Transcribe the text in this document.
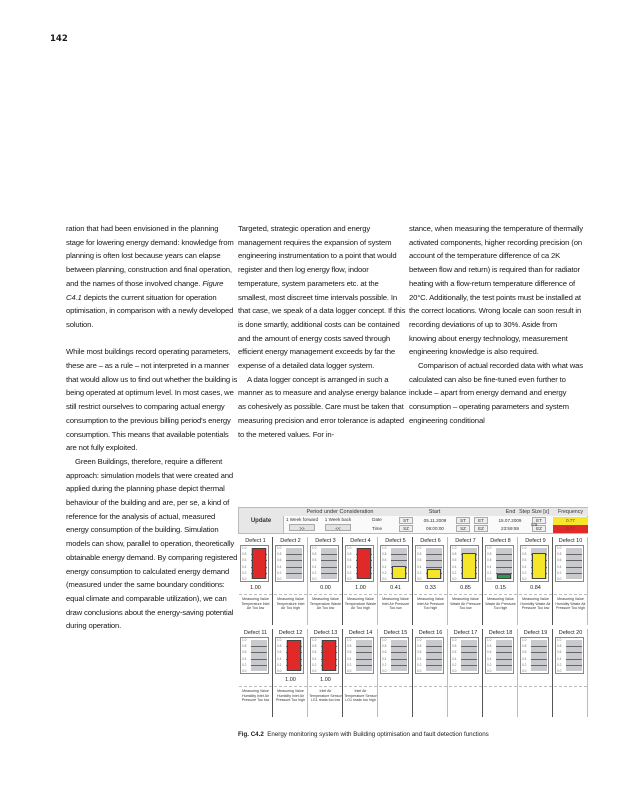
142

ration that had been envisioned in the planning stage for lowering energy demand: knowledge from planning is often lost because years can elapse between planning, construction and final operation, and the names of those involved change. Figure C4.1 depicts the current situation for operation optimisation, in comparison with a newly developed solution.

While most buildings record operating parameters, these are – as a rule – not interpreted in a manner that would allow us to find out whether the building is being operated at optimum level. In most cases, we still restrict ourselves to comparing actual energy consumption to the previous billing period's energy consumption. This means that available potentials are not fully exploited.

Green Buildings, therefore, require a different approach: simulation models that were created and applied during the planning phase depict thermal behaviour of the building and are, per se, a kind of reference for the analysis of actual, measured energy consumption of the building. Simulation models can show, parallel to operation, theoretically obtainable energy demand. By comparing registered energy consumption to calculated energy demand (measured under the same boundary conditions: equal climate and comparable utilization), we can draw conclusions about the energy-saving potential during operation.

Targeted, strategic operation and energy management requires the expansion of system engineering instrumentation to a point that would register and then log energy flow, indoor temperature, system parameters etc. at the smallest, most discreet time intervals possible. In that case, we speak of a data logger concept. If this is done smartly, additional costs can be contained and the amount of energy costs saved through efficient energy management exceeds by far the expense of a detailed data logger system.

A data logger concept is arranged in such a manner as to measure and analyse energy balance as cohesively as possible. Care must be taken that measuring precision and error tolerance is adapted to the metered values. For in-

stance, when measuring the temperature of thermally activated components, higher recording precision (on account of the temperature difference of ca 2K between flow and return) is required than for radiator heating with a flow-return temperature difference of 20°C. Additionally, the test points must be installed at the correct locations. Wrong locale can soon result in recording deviations of up to 30%. Aside from knowing about energy technology, measurement engineering knowledge is also required.

Comparison of actual recorded data with what was calculated can also be fine-tuned even further to include – apart from energy demand and energy consumption – operating parameters and system engineering conditional

Update
Period under Consideration
1 Week forward	1 Week back
>>	<<
Date
Time
Start
ST	05.11.2009	ST
SZ	06:00:00	SZ
End
ET	15.07.2009	ET
EZ	23:59:59	EZ
Step Size [s]
n/a
Frequency
0.77
0.77
Defect 1
1.0
0.8
0.6
0.4
0.2
0.0
1.00
Measuring Value Temperature Inlet Air Too low
Defect 2
1.0
0.8
0.6
0.4
0.2
0.0
Measuring Value Temperature Inlet Air Too high
Defect 3
1.0
0.8
0.6
0.4
0.2
0.0
0.00
Measuring Value Temperature Waste Air Too low
Defect 4
1.0
0.8
0.6
0.4
0.2
0.0
1.00
Measuring Value Temperature Waste Air Too high
Defect 5
1.0
0.8
0.6
0.4
0.2
0.0
0.41
Measuring Value Inlet Air Pressure Too low
Defect 6
1.0
0.8
0.6
0.4
0.2
0.0
0.33
Measuring Value Inlet Air Pressure Too high
Defect 7
1.0
0.8
0.6
0.4
0.2
0.0
0.85
Measuring Value Waste Air Pressure Too low
Defect 8
1.0
0.8
0.6
0.4
0.2
0.0
0.15
Measuring Value Waste Air Pressure Too high
Defect 9
1.0
0.8
0.6
0.4
0.2
0.0
0.84
Measuring Value Humidity Waste Air Pressure Too low
Defect 10
1.0
0.8
0.6
0.4
0.2
0.0
Measuring Value Humidity Waste Air Pressure Too high
Defect 11
1.0
0.8
0.6
0.4
0.2
0.0
Measuring Value Humidity Inlet Air Pressure Too low
Defect 12
1.0
0.8
0.6
0.4
0.2
0.0
1.00
Measuring Value Humidity Inlet Air Pressure Too high
Defect 13
1.0
0.8
0.6
0.4
0.2
0.0
1.00
Inlet Air Temperature Sensor LG1 reads too low
Defect 14
1.0
0.8
0.6
0.4
0.2
0.0
Inlet Air Temperature Sensor LG1 reads too high
Defect 15
1.0
0.8
0.6
0.4
0.2
0.0
Defect 16
1.0
0.8
0.6
0.4
0.2
0.0
Defect 17
1.0
0.8
0.6
0.4
0.2
0.0
Defect 18
1.0
0.8
0.6
0.4
0.2
0.0
Defect 19
1.0
0.8
0.6
0.4
0.2
0.0
Defect 20
1.0
0.8
0.6
0.4
0.2
0.0
Fig. C4.2 Energy monitoring system with Building optimisation and fault detection functions
